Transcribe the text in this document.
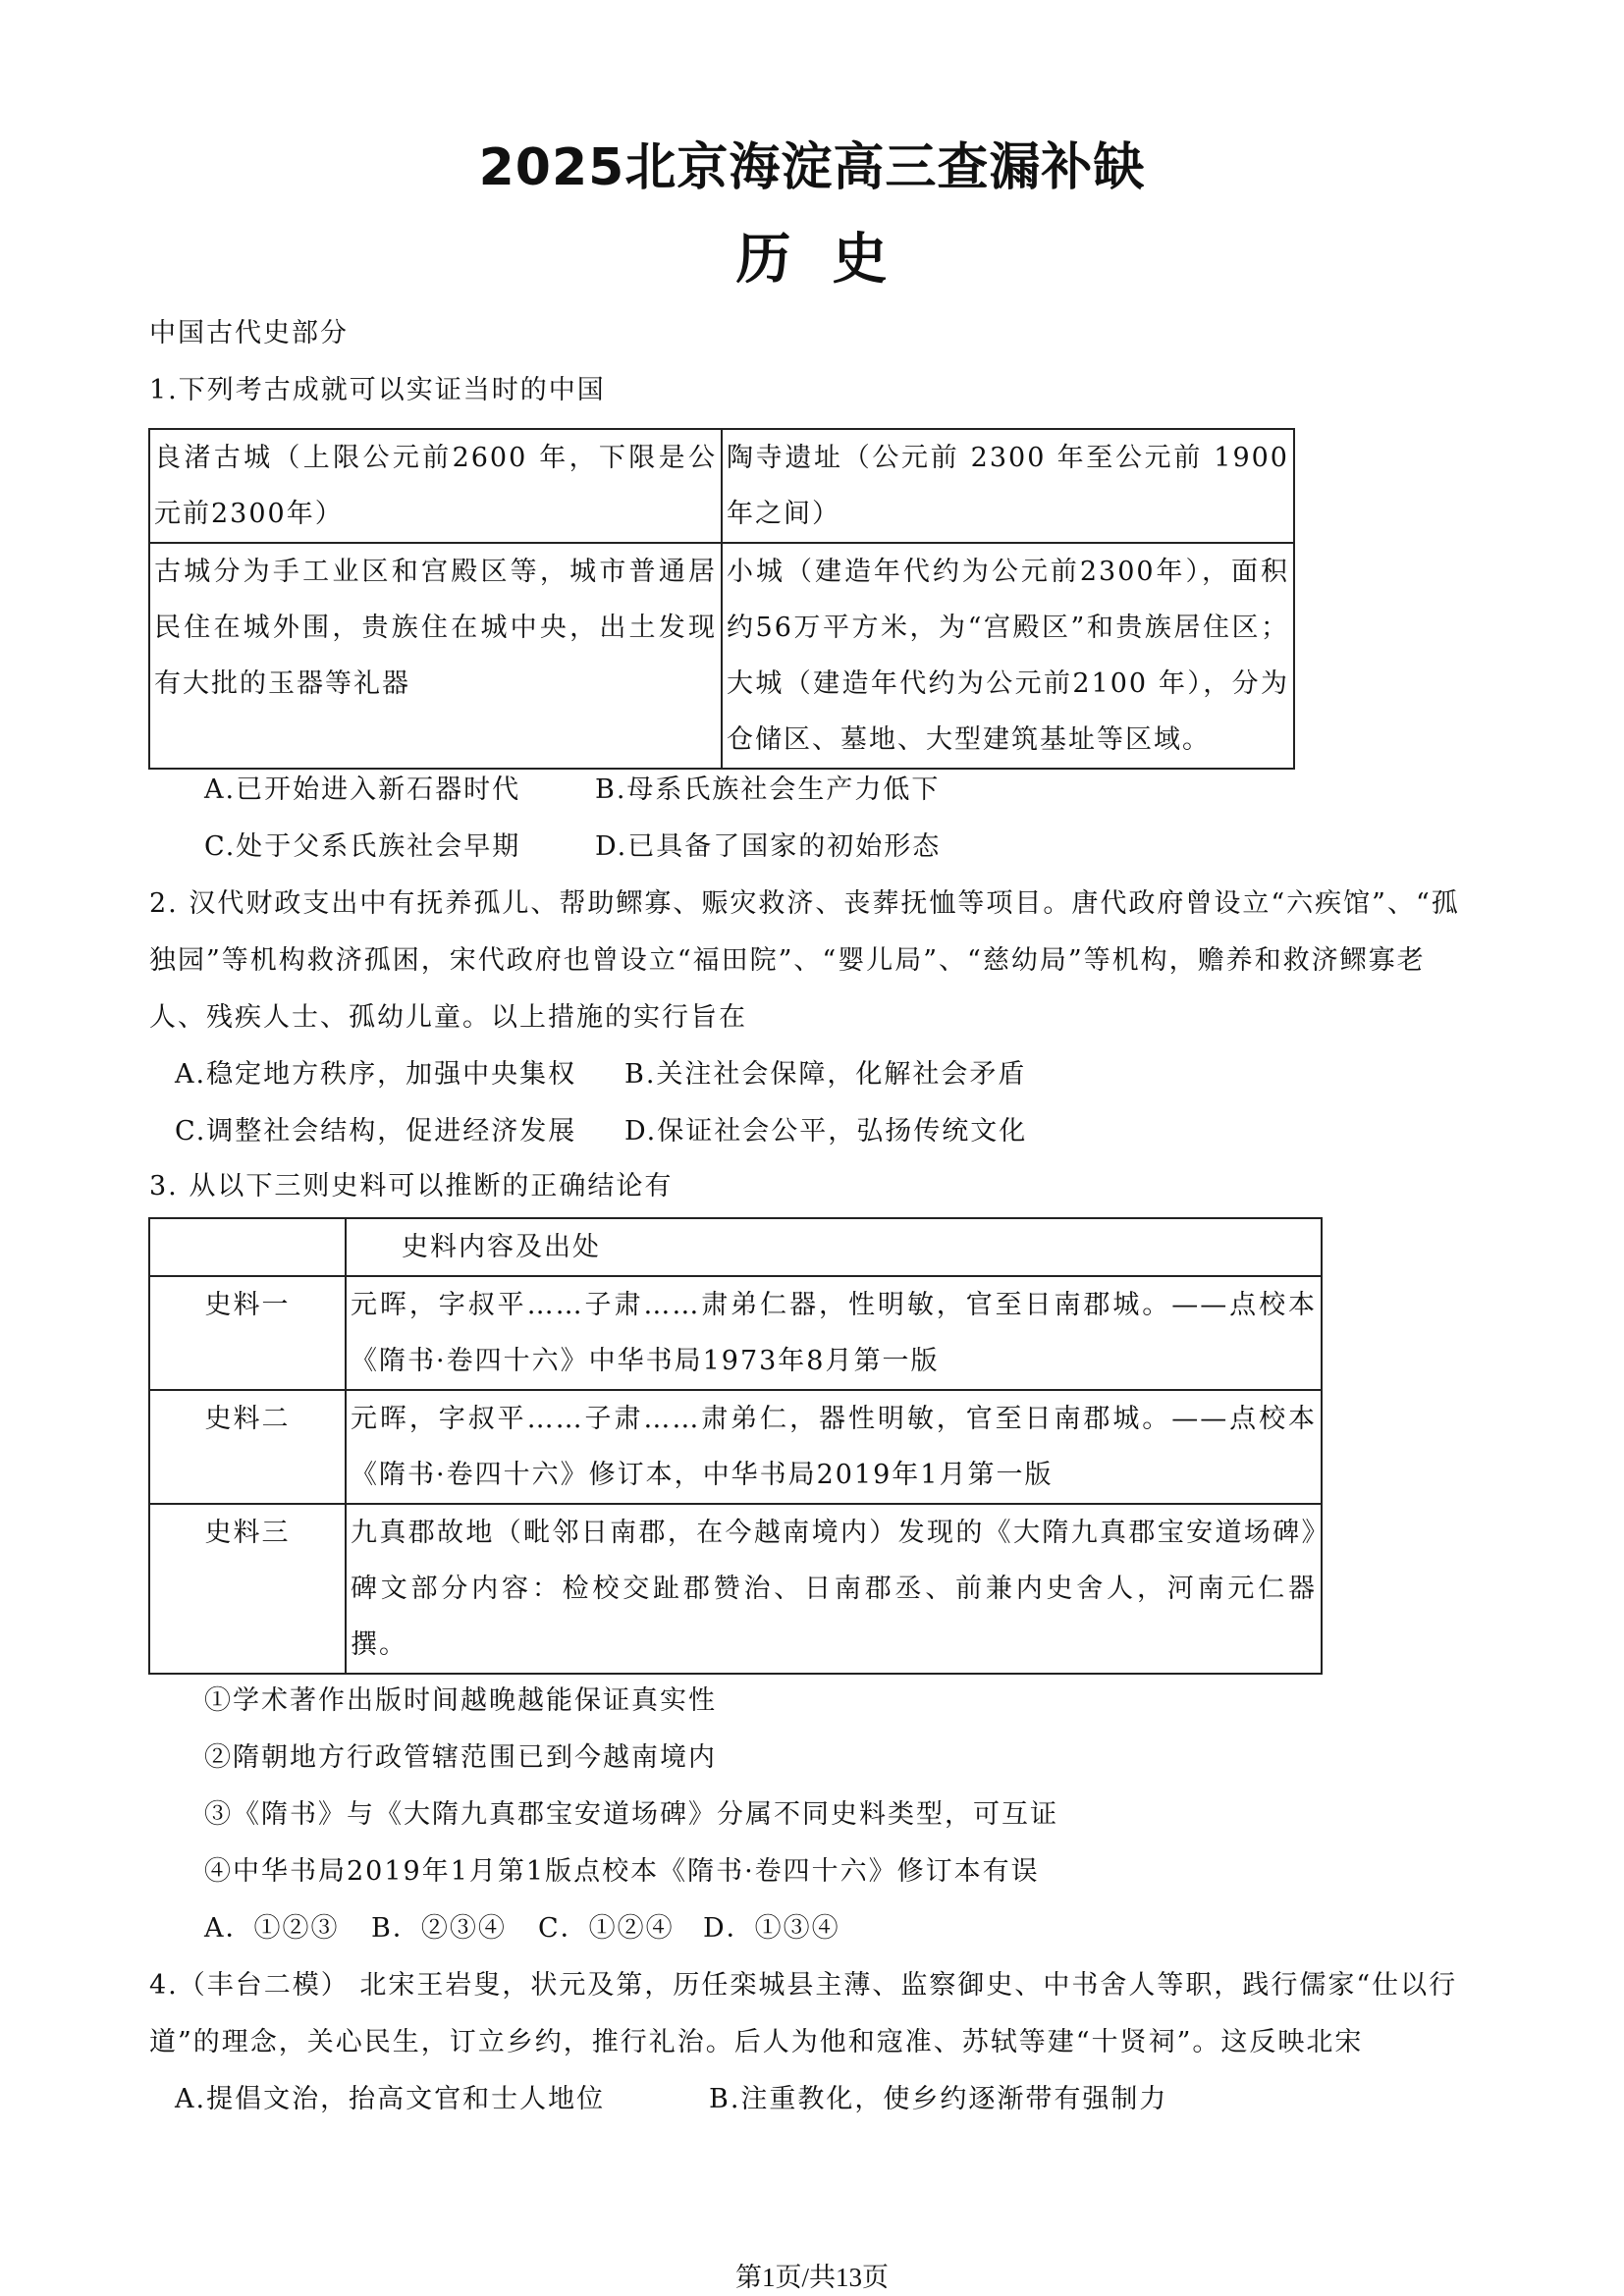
2025北京海淀高三查漏补缺
历  史
中国古代史部分
1.下列考古成就可以实证当时的中国
良渚古城（上限公元前2600 年，下限是公元前2300年）	陶寺遗址（公元前 2300 年至公元前 1900 年之间）
古城分为手工业区和宫殿区等，城市普通居民住在城外围，贵族住在城中央，出土发现有大批的玉器等礼器	小城（建造年代约为公元前2300年），面积约56万平方米，为“宫殿区”和贵族居住区；大城（建造年代约为公元前2100 年），分为仓储区、墓地、大型建筑基址等区域。
A.已开始进入新石器时代	B.母系氏族社会生产力低下
C.处于父系氏族社会早期	D.已具备了国家的初始形态
2. 汉代财政支出中有抚养孤儿、帮助鳏寡、赈灾救济、丧葬抚恤等项目。唐代政府曾设立“六疾馆”、“孤
独园”等机构救济孤困，宋代政府也曾设立“福田院”、“婴儿局”、“慈幼局”等机构，赡养和救济鳏寡老
人、残疾人士、孤幼儿童。以上措施的实行旨在
A.稳定地方秩序，加强中央集权 B.关注社会保障，化解社会矛盾
C.调整社会结构，促进经济发展 D.保证社会公平，弘扬传统文化
3. 从以下三则史料可以推断的正确结论有
	史料内容及出处
史料一	元晖，字叔平……子肃……肃弟仁器，性明敏，官至日南郡城。——点校本《隋书·卷四十六》中华书局1973年8月第一版
史料二	元晖，字叔平……子肃……肃弟仁，器性明敏，官至日南郡城。——点校本《隋书·卷四十六》修订本，中华书局2019年1月第一版
史料三	九真郡故地（毗邻日南郡，在今越南境内）发现的《大隋九真郡宝安道场碑》碑文部分内容：检校交趾郡赞治、日南郡丞、前兼内史舍人，河南元仁器撰。
①学术著作出版时间越晚越能保证真实性
②隋朝地方行政管辖范围已到今越南境内
③《隋书》与《大隋九真郡宝安道场碑》分属不同史料类型，可互证
④中华书局2019年1月第1版点校本《隋书·卷四十六》修订本有误
A．①②③ B．②③④ C．①②④ D．①③④
4.（丰台二模） 北宋王岩叟，状元及第，历任栾城县主薄、监察御史、中书舍人等职，践行儒家“仕以行
道”的理念，关心民生，订立乡约，推行礼治。后人为他和寇准、苏轼等建“十贤祠”。这反映北宋
A.提倡文治，抬高文官和士人地位	B.注重教化，使乡约逐渐带有强制力
第1页/共13页
